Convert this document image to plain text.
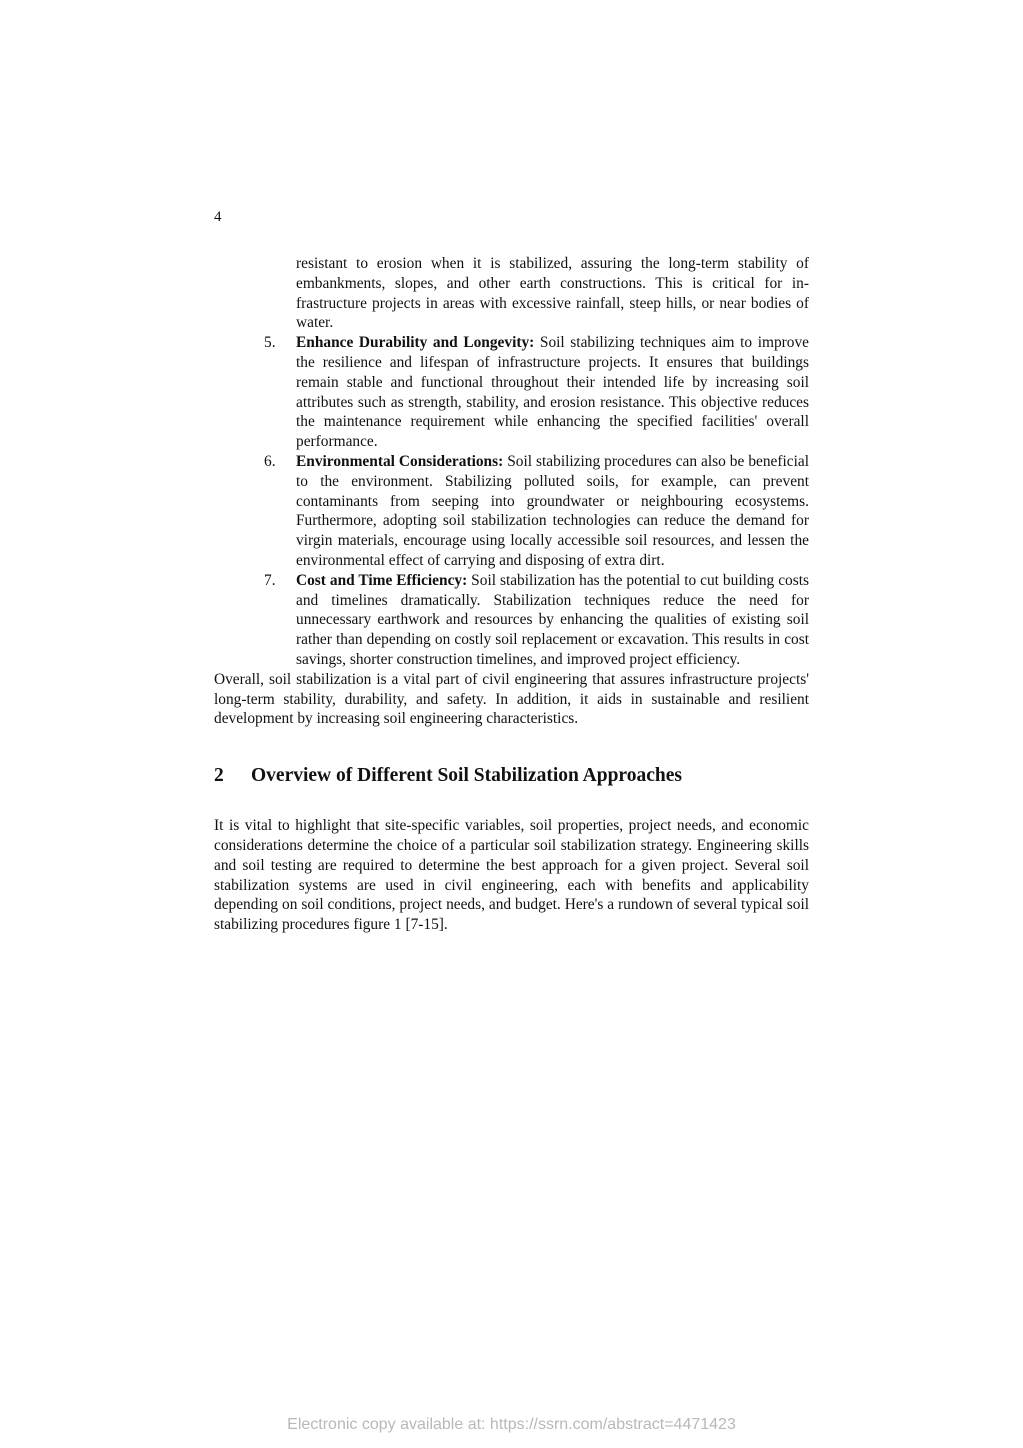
4

resistant to erosion when it is stabilized, assuring the long-term stability of embankments, slopes, and other earth constructions. This is critical for infrastructure projects in areas with excessive rainfall, steep hills, or near bodies of water.

5. Enhance Durability and Longevity: Soil stabilizing techniques aim to improve the resilience and lifespan of infrastructure projects. It ensures that buildings remain stable and functional throughout their intended life by increasing soil attributes such as strength, stability, and erosion resistance. This objective reduces the maintenance requirement while enhancing the specified facilities' overall performance.
6. Environmental Considerations: Soil stabilizing procedures can also be beneficial to the environment. Stabilizing polluted soils, for example, can prevent contaminants from seeping into groundwater or neighbouring ecosystems. Furthermore, adopting soil stabilization technologies can reduce the demand for virgin materials, encourage using locally accessible soil resources, and lessen the environmental effect of carrying and disposing of extra dirt.
7. Cost and Time Efficiency: Soil stabilization has the potential to cut building costs and timelines dramatically. Stabilization techniques reduce the need for unnecessary earthwork and resources by enhancing the qualities of existing soil rather than depending on costly soil replacement or excavation. This results in cost savings, shorter construction timelines, and improved project efficiency.

Overall, soil stabilization is a vital part of civil engineering that assures infrastructure projects' long-term stability, durability, and safety. In addition, it aids in sustainable and resilient development by increasing soil engineering characteristics.

2 Overview of Different Soil Stabilization Approaches

It is vital to highlight that site-specific variables, soil properties, project needs, and economic considerations determine the choice of a particular soil stabilization strategy. Engineering skills and soil testing are required to determine the best approach for a given project. Several soil stabilization systems are used in civil engineering, each with benefits and applicability depending on soil conditions, project needs, and budget. Here's a rundown of several typical soil stabilizing procedures figure 1 [7-15].

Electronic copy available at: https://ssrn.com/abstract=4471423
